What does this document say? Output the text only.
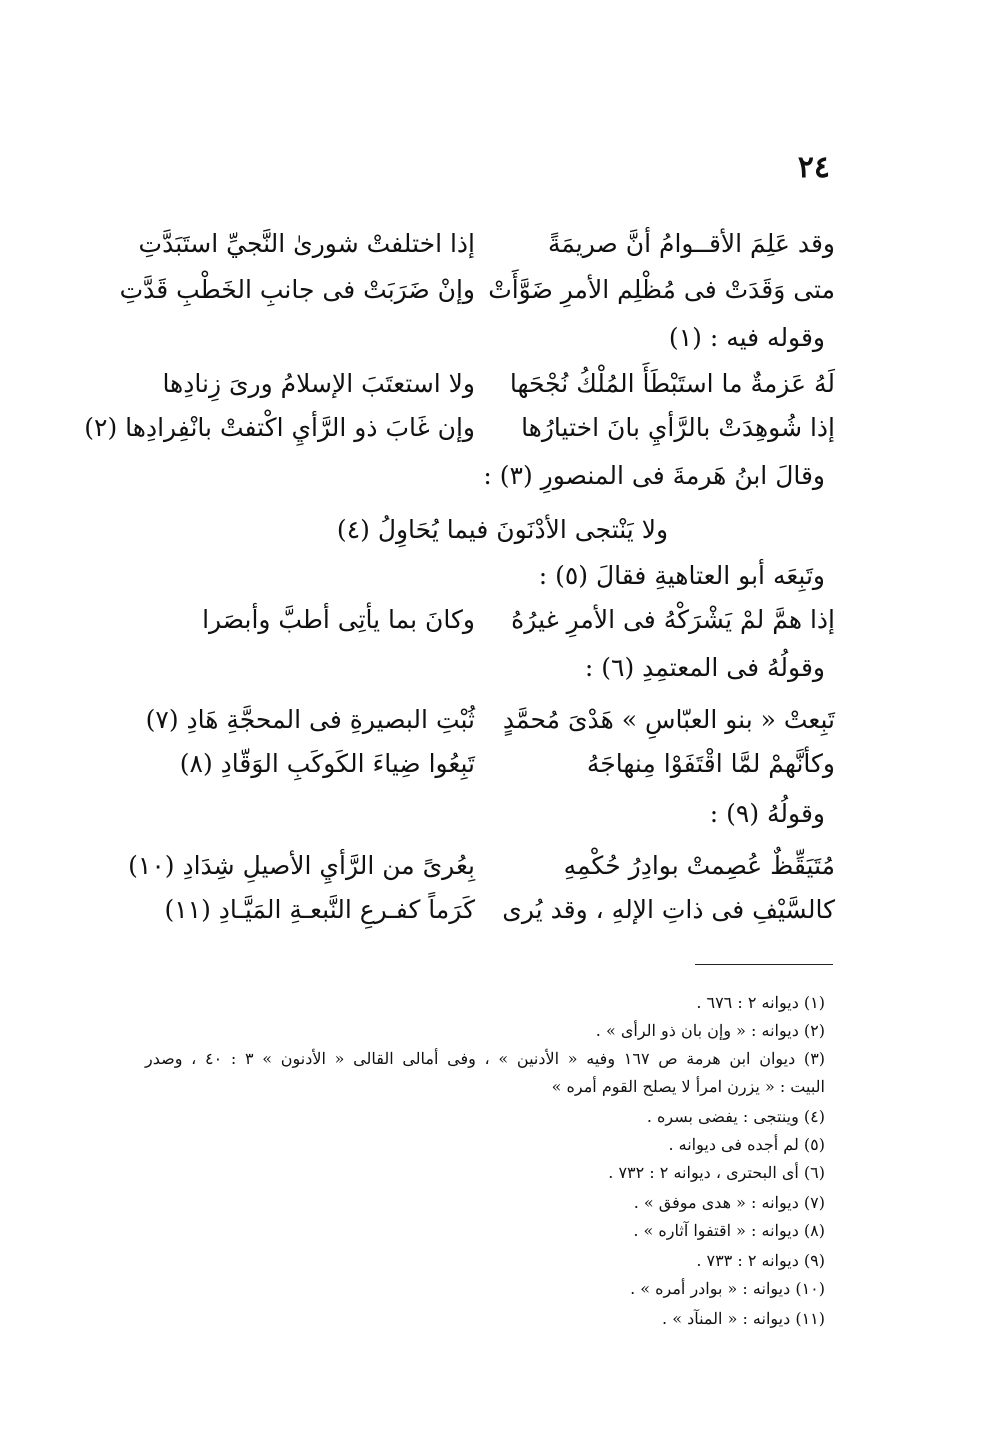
٢٤
وقد عَلِمَ الأقــوامُ أنَّ صريمَةً
إذا اختلفتْ شورىٰ النَّجيِّ استَبَدَّتِ
متى وَقَدَتْ فى مُظْلِم الأمرِ ضَوَّأَتْ
وإنْ ضَرَبَتْ فى جانبِ الخَطْبِ قَدَّتِ
وقوله فيه : (١)
لَهُ عَزمةٌ ما استَبْطَأَ المُلْكُ نُجْحَها
ولا استعتَبَ الإسلامُ ورىَ زِنادِها
إذا شُوهِدَتْ بالرَّأيِ بانَ اختيارُها
وإن غَابَ ذو الرَّأيِ اكْتفتْ بانْفِرادِها (٢)
وقالَ ابنُ هَرمةَ فى المنصورِ (٣) :
ولا يَنْتجى الأدْنَونَ فيما يُحَاوِلُ (٤)
وتَبِعَه أبو العتاهيةِ فقالَ (٥) :
إذا همَّ لمْ يَشْرَكْهُ فى الأمرِ غيرُهُ
وكانَ بما يأتِى أطبَّ وأبصَرا
وقولُهُ فى المعتمِدِ (٦) :
تَبِعتْ « بنو العبّاسِ » هَدْىَ مُحمَّدٍ
ثُبْتِ البصيرةِ فى المحجَّةِ هَادِ (٧)
وكأنَّهمْ لمَّا اقْتَفَوْا مِنهاجَهُ
تَبِعُوا ضِياءَ الكَوكَبِ الوَقّادِ (٨)
وقولُهُ (٩) :
مُتَيَقِّظٌ عُصِمتْ بوادِرُ حُكْمِهِ
بِعُرىً من الرَّأيِ الأصيلِ شِدَادِ (١٠)
كالسَّيْفِ فى ذاتِ الإلهِ ، وقد يُرى
كَرَماً كفـرعِ النَّبعـةِ المَيَّـادِ (١١)
(١) ديوانه ٢ : ٦٧٦ .
(٢) ديوانه : « وإن بان ذو الرأى » .
(٣) ديوان ابن هرمة ص ١٦٧ وفيه « الأدنين » ، وفى أمالى القالى « الأدنون » ٣ : ٤٠ ، وصدر
البيت : « يزرن امرأ لا يصلح القوم أمره »
(٤) وينتجى : يفضى بسره .
(٥) لم أجده فى ديوانه .
(٦) أى البحترى ، ديوانه ٢ : ٧٣٢ .
(٧) ديوانه : « هدى موفق » .
(٨) ديوانه : « اقتفوا آثاره » .
(٩) ديوانه ٢ : ٧٣٣ .
(١٠) ديوانه : « بوادر أمره » .
(١١) ديوانه : « المنآد » .
